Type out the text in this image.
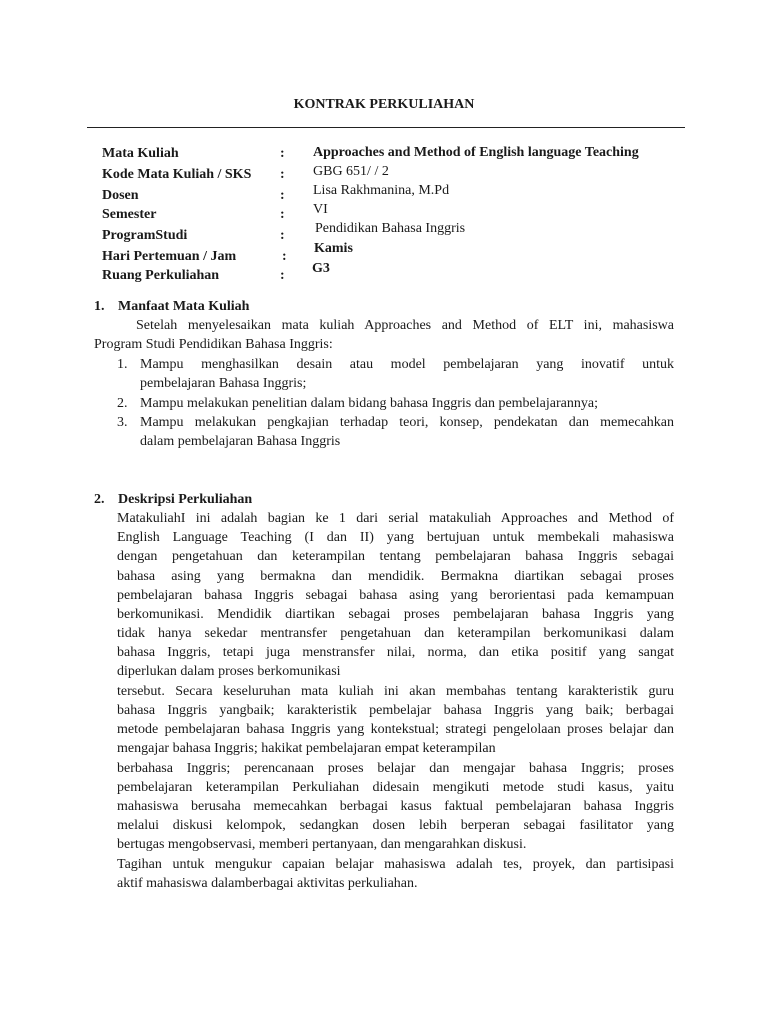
KONTRAK PERKULIAHAN
Mata Kuliah
Kode Mata Kuliah / SKS
Dosen
Semester
ProgramStudi
Hari Pertemuan / Jam
Ruang Perkuliahan
:
:
:
:
:
:
:
Approaches and Method of English language Teaching
GBG 651/ / 2
Lisa Rakhmanina, M.Pd
VI
Pendidikan Bahasa Inggris
Kamis
G3
1. Manfaat Mata Kuliah
Setelah menyelesaikan mata kuliah Approaches and Method of ELT ini, mahasiswa
Program Studi Pendidikan Bahasa Inggris:
1. Mampu menghasilkan desain atau model pembelajaran yang inovatif untuk
pembelajaran Bahasa Inggris;
2. Mampu melakukan penelitian dalam bidang bahasa Inggris dan pembelajarannya;
3. Mampu melakukan pengkajian terhadap teori, konsep, pendekatan dan memecahkan
dalam pembelajaran Bahasa Inggris
2. Deskripsi Perkuliahan
MatakuliahI ini adalah bagian ke 1 dari serial matakuliah Approaches and Method of
English Language Teaching (I dan II) yang bertujuan untuk membekali mahasiswa
dengan pengetahuan dan keterampilan tentang pembelajaran bahasa Inggris sebagai
bahasa asing yang bermakna dan mendidik. Bermakna diartikan sebagai proses
pembelajaran bahasa Inggris sebagai bahasa asing yang berorientasi pada kemampuan
berkomunikasi. Mendidik diartikan sebagai proses pembelajaran bahasa Inggris yang
tidak hanya sekedar mentransfer pengetahuan dan keterampilan berkomunikasi dalam
bahasa Inggris, tetapi juga menstransfer nilai, norma, dan etika positif yang sangat
diperlukan dalam proses berkomunikasi
tersebut. Secara keseluruhan mata kuliah ini akan membahas tentang karakteristik guru
bahasa Inggris yangbaik; karakteristik pembelajar bahasa Inggris yang baik; berbagai
metode pembelajaran bahasa Inggris yang kontekstual; strategi pengelolaan proses belajar dan
mengajar bahasa Inggris; hakikat pembelajaran empat keterampilan
berbahasa Inggris; perencanaan proses belajar dan mengajar bahasa Inggris; proses
pembelajaran keterampilan Perkuliahan didesain mengikuti metode studi kasus, yaitu
mahasiswa berusaha memecahkan berbagai kasus faktual pembelajaran bahasa Inggris
melalui diskusi kelompok, sedangkan dosen lebih berperan sebagai fasilitator yang
bertugas mengobservasi, memberi pertanyaan, dan mengarahkan diskusi.
Tagihan untuk mengukur capaian belajar mahasiswa adalah tes, proyek, dan partisipasi
aktif mahasiswa dalamberbagai aktivitas perkuliahan.
